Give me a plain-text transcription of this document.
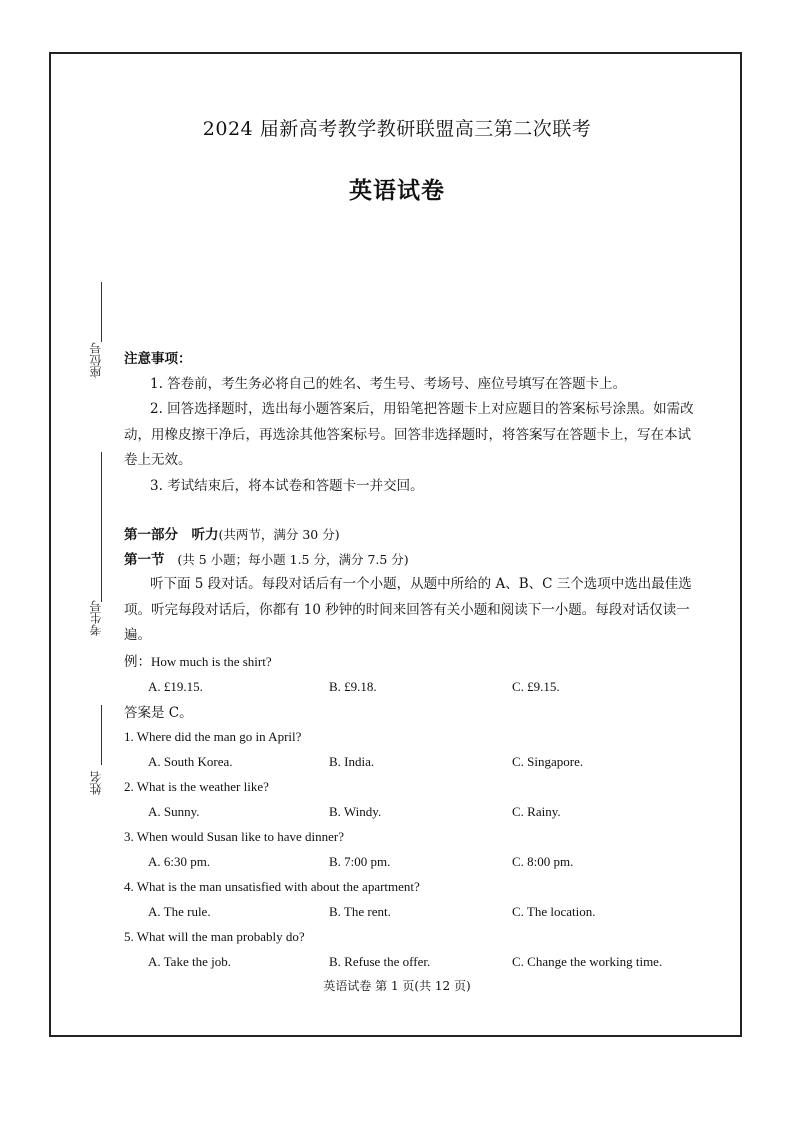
2024 届新高考教学教研联盟高三第二次联考
英语试卷
座位号
考生号
姓名
注意事项：
1. 答卷前，考生务必将自己的姓名、考生号、考场号、座位号填写在答题卡上。
2. 回答选择题时，选出每小题答案后，用铅笔把答题卡上对应题目的答案标号涂黑。如需改动，用橡皮擦干净后，再选涂其他答案标号。回答非选择题时，将答案写在答题卡上，写在本试卷上无效。
3. 考试结束后，将本试卷和答题卡一并交回。
第一部分　听力(共两节，满分 30 分)
第一节 (共 5 小题；每小题 1.5 分，满分 7.5 分)
听下面 5 段对话。每段对话后有一个小题，从题中所给的 A、B、C 三个选项中选出最佳选项。听完每段对话后，你都有 10 秒钟的时间来回答有关小题和阅读下一小题。每段对话仅读一遍。
例：How much is the shirt?
A. £19.15.	B. £9.18.	C. £9.15.
答案是 C。
1. Where did the man go in April?
A. South Korea.	B. India.	C. Singapore.
2. What is the weather like?
A. Sunny.	B. Windy.	C. Rainy.
3. When would Susan like to have dinner?
A. 6:30 pm.	B. 7:00 pm.	C. 8:00 pm.
4. What is the man unsatisfied with about the apartment?
A. The rule.	B. The rent.	C. The location.
5. What will the man probably do?
A. Take the job.	B. Refuse the offer.	C. Change the working time.
英语试卷 第 1 页(共 12 页)
